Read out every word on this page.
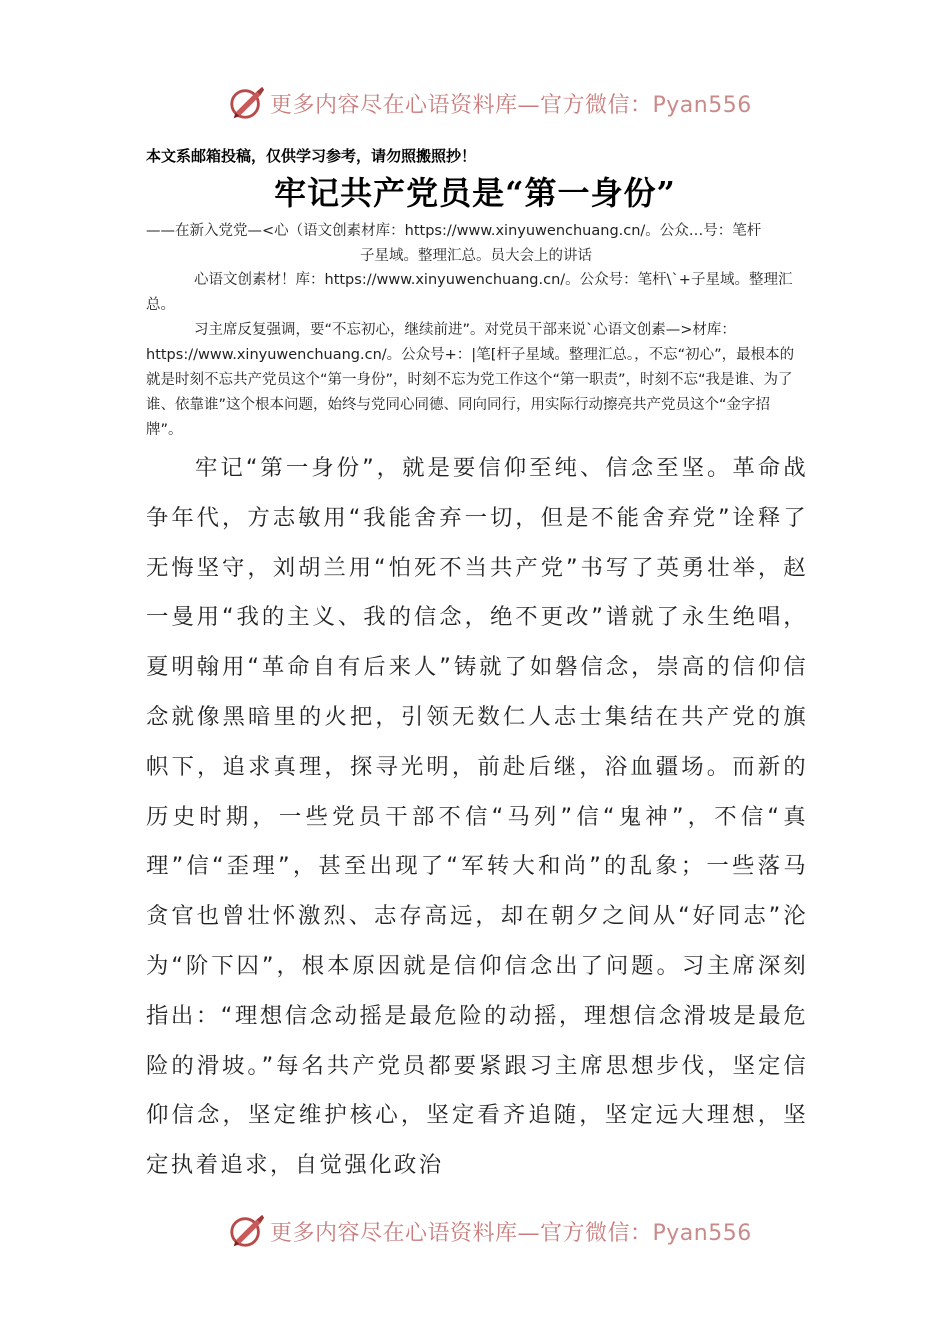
更多内容尽在心语资料库—官方微信：Pyan556
本文系邮箱投稿，仅供学习参考，请勿照搬照抄！
牢记共产党员是“第一身份”
——在新入党党—<心（语文创素材库：https://www.xinyuwenchuang.cn/。公众…号：笔杆
子星域。整理汇总。员大会上的讲话
心语文创素材！库：https://www.xinyuwenchuang.cn/。公众号：笔杆\`+子星域。整理汇总。
习主席反复强调，要“不忘初心，继续前进”。对党员干部来说`心语文创素—>材库：https://www.xinyuwenchuang.cn/。公众号+：|笔[杆子星域。整理汇总。，不忘“初心”，最根本的就是时刻不忘共产党员这个“第一身份”，时刻不忘为党工作这个“第一职责”，时刻不忘“我是谁、为了谁、依靠谁”这个根本问题，始终与党同心同德、同向同行，用实际行动擦亮共产党员这个“金字招牌”。
牢记“第一身份”，就是要信仰至纯、信念至坚。革命战争年代，方志敏用“我能舍弃一切，但是不能舍弃党”诠释了无悔坚守，刘胡兰用“怕死不当共产党”书写了英勇壮举，赵一曼用“我的主义、我的信念，绝不更改”谱就了永生绝唱，夏明翰用“革命自有后来人”铸就了如磐信念，崇高的信仰信念就像黑暗里的火把，引领无数仁人志士集结在共产党的旗帜下，追求真理，探寻光明，前赴后继，浴血疆场。而新的历史时期，一些党员干部不信“马列”信“鬼神”，不信“真理”信“歪理”，甚至出现了“军转大和尚”的乱象；一些落马贪官也曾壮怀激烈、志存高远，却在朝夕之间从“好同志”沦为“阶下囚”，根本原因就是信仰信念出了问题。习主席深刻指出：“理想信念动摇是最危险的动摇，理想信念滑坡是最危险的滑坡。”每名共产党员都要紧跟习主席思想步伐，坚定信仰信念，坚定维护核心，坚定看齐追随，坚定远大理想，坚定执着追求，自觉强化政治
更多内容尽在心语资料库—官方微信：Pyan556
